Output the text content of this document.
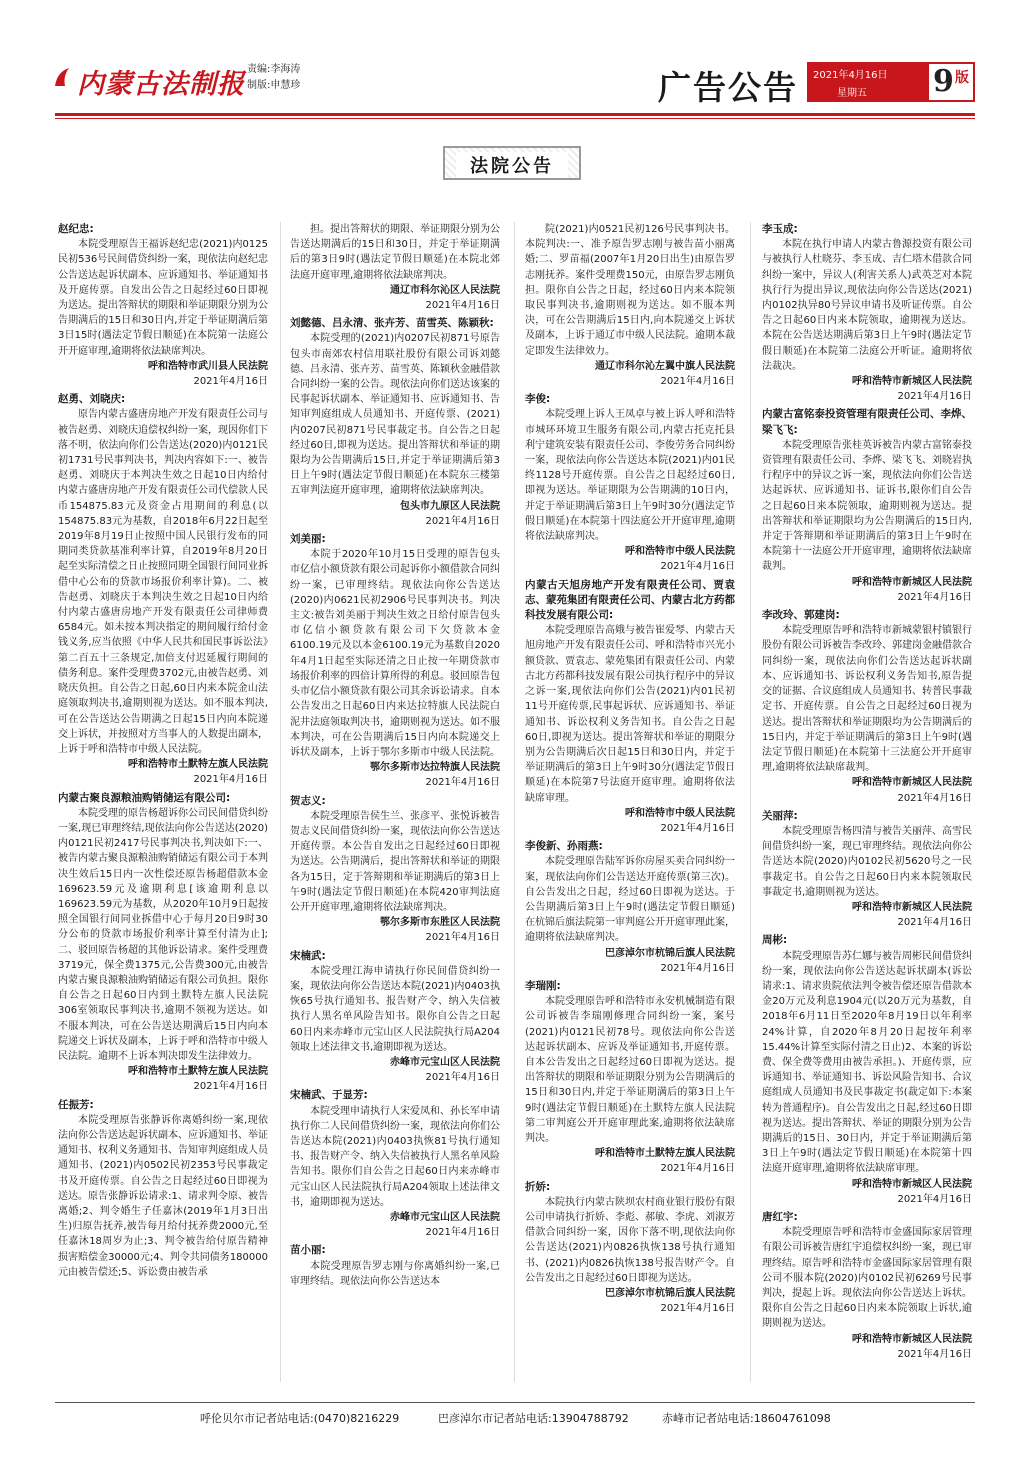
内蒙古法制报 责编:李海涛
制版:申慧珍	广告公告 2021年4月16日
星期五 9 版
法院公告
赵纪忠:

本院受理原告王福诉赵纪忠(2021)内0125民初536号民间借贷纠纷一案，现依法向赵纪忠公告送达起诉状副本、应诉通知书、举证通知书及开庭传票。自发出公告之日起经过60日即视为送达。提出答辩状的期限和举证期限分别为公告期满后的15日和30日内,并定于举证期满后第3日15时(遇法定节假日顺延)在本院第一法庭公开开庭审理,逾期将依法缺席判决。

呼和浩特市武川县人民法院
2021年4月16日
赵勇、刘晓庆:

原告内蒙古盛唐房地产开发有限责任公司与被告赵勇、刘晓庆追偿权纠纷一案，现因你们下落不明，依法向你们公告送达(2020)内0121民初1731号民事判决书，判决内容如下:一、被告赵勇、刘晓庆于本判决生效之日起10日内给付内蒙古盛唐房地产开发有限责任公司代偿款人民币154875.83元及资金占用期间的利息(以154875.83元为基数，自2018年6月22日起至2019年8月19日止按照中国人民银行发布的同期同类贷款基准利率计算，自2019年8月20日起至实际清偿之日止按照同期全国银行间同业拆借中心公布的贷款市场报价利率计算)。二、被告赵勇、刘晓庆于本判决生效之日起10日内给付内蒙古盛唐房地产开发有限责任公司律师费6584元。如未按本判决指定的期间履行给付金钱义务,应当依照《中华人民共和国民事诉讼法》第二百五十三条规定,加倍支付迟延履行期间的债务利息。案件受理费3702元,由被告赵勇、刘晓庆负担。自公告之日起,60日内来本院金山法庭领取判决书,逾期则视为送达。如不服本判决,可在公告送达公告期满之日起15日内向本院递交上诉状，并按照对方当事人的人数提出副本，上诉于呼和浩特市中级人民法院。

呼和浩特市土默特左旗人民法院
2021年4月16日
内蒙古聚良源粮油购销储运有限公司:

本院受理的原告杨超诉你公司民间借贷纠纷一案,现已审理终结,现依法向你公告送达(2020)内0121民初2417号民事判决书,判决如下:一、被告内蒙古聚良源粮油购销储运有限公司于本判决生效后15日内一次性偿还原告杨超借款本金169623.59元及逾期利息[该逾期利息以169623.59元为基数，从2020年10月9日起按照全国银行间同业拆借中心于每月20日9时30分公布的贷款市场报价利率计算至付清为止];二、驳回原告杨超的其他诉讼请求。案件受理费3719元，保全费1375元,公告费300元,由被告内蒙古聚良源粮油购销储运有限公司负担。限你自公告之日起60日内到土默特左旗人民法院306室领取民事判决书,逾期不领视为送达。如不服本判决，可在公告送达期满后15日内向本院递交上诉状及副本，上诉于呼和浩特市中级人民法院。逾期不上诉本判决即发生法律效力。

呼和浩特市土默特左旗人民法院
2021年4月16日
任振芳:

本院受理原告张静诉你离婚纠纷一案,现依法向你公告送达起诉状副本、应诉通知书、举证通知书、权利义务通知书、告知审判庭组成人员通知书、(2021)内0502民初2353号民事裁定书及开庭传票。自公告之日起经过60日即视为送达。原告张静诉讼请求:1、请求判令原、被告离婚;2、判令婚生子任嘉沐(2019年1月3日出生)归原告抚养,被告每月给付抚养费2000元,至任嘉沐18周岁为止;3、判令被告给付原告精神损害赔偿金30000元;4、判令共同债务180000元由被告偿还;5、诉讼费由被告承

担。提出答辩状的期限、举证期限分别为公告送达期满后的15日和30日，并定于举证期满后的第3日9时(遇法定节假日顺延)在本院北郊法庭开庭审理,逾期将依法缺席判决。

通辽市科尔沁区人民法院
2021年4月16日
刘懿德、吕永清、张卉芳、苗雪英、陈颖秋:

本院受理的(2021)内0207民初871号原告包头市南郊农村信用联社股份有限公司诉刘懿德、吕永清、张卉芳、苗雪英、陈颖秋金融借款合同纠纷一案的公告。现依法向你们送达该案的民事起诉状副本、举证通知书、应诉通知书、告知审判庭组成人员通知书、开庭传票、(2021)内0207民初871号民事裁定书。自公告之日起经过60日,即视为送达。提出答辩状和举证的期限均为公告期满后15日,并定于举证期满后第3日上午9时(遇法定节假日顺延)在本院东三楼第五审判法庭开庭审理，逾期将依法缺席判决。

包头市九原区人民法院
2021年4月16日
刘美丽:

本院于2020年10月15日受理的原告包头市亿信小额贷款有限公司起诉你小额借款合同纠纷一案，已审理终结。现依法向你公告送达(2020)内0621民初2906号民事判决书。判决主文:被告刘美丽于判决生效之日给付原告包头市亿信小额贷款有限公司下欠贷款本金6100.19元及以本金6100.19元为基数自2020年4月1日起至实际还清之日止按一年期贷款市场报价利率的四倍计算所得的利息。驳回原告包头市亿信小额贷款有限公司其余诉讼请求。自本公告发出之日起60日内来达拉特旗人民法院白泥井法庭领取判决书，逾期则视为送达。如不服本判决，可在公告期满后15日内向本院递交上诉状及副本，上诉于鄂尔多斯市中级人民法院。

鄂尔多斯市达拉特旗人民法院
2021年4月16日
贺志义:

本院受理原告侯生兰、张彦平、张悦诉被告贺志义民间借贷纠纷一案，现依法向你公告送达开庭传票。本公告自发出之日起经过60日即视为送达。公告期满后，提出答辩状和举证的期限各为15日，定于答辩期和举证期满后的第3日上午9时(遇法定节假日顺延)在本院420审判法庭公开开庭审理,逾期将依法缺席判决。

鄂尔多斯市东胜区人民法院
2021年4月16日
宋楠武:

本院受理江海申请执行你民间借贷纠纷一案，现依法向你公告送达本院(2021)内0403执恢65号执行通知书、报告财产令、纳入失信被执行人黑名单风险告知书。限你自公告之日起60日内来赤峰市元宝山区人民法院执行局A204领取上述法律文书,逾期即视为送达。

赤峰市元宝山区人民法院
2021年4月16日
宋楠武、于显芳:

本院受理申请执行人宋爱凤和、孙长军申请执行你二人民间借贷纠纷一案，现依法向你们公告送达本院(2021)内0403执恢81号执行通知书、报告财产令、纳入失信被执行人黑名单风险告知书。限你们自公告之日起60日内来赤峰市元宝山区人民法院执行局A204领取上述法律文书，逾期即视为送达。

赤峰市元宝山区人民法院
2021年4月16日
苗小丽:

本院受理原告罗志刚与你离婚纠纷一案,已审理终结。现依法向你公告送达本

院(2021)内0521民初126号民事判决书。本院判决:一、准予原告罗志刚与被告苗小丽离婚;二、罗苗福(2007年1月20日出生)由原告罗志刚抚养。案件受理费150元，由原告罗志刚负担。限你自公告之日起，经过60日内来本院领取民事判决书,逾期则视为送达。如不服本判决，可在公告期满后15日内,向本院递交上诉状及副本，上诉于通辽市中级人民法院。逾期本裁定即发生法律效力。

通辽市科尔沁左翼中旗人民法院
2021年4月16日
李俊:

本院受理上诉人王凤卓与被上诉人呼和浩特市城环环境卫生服务有限公司,内蒙古托克托县利宁建筑安装有限责任公司、李俊劳务合同纠纷一案，现依法向你公告送达本院(2021)内01民终1128号开庭传票。自公告之日起经过60日,即视为送达。举证期限为公告期满的10日内，并定于举证期满后第3日上午9时30分(遇法定节假日顺延)在本院第十四法庭公开开庭审理,逾期将依法缺席判决。

呼和浩特市中级人民法院
2021年4月16日
内蒙古天旭房地产开发有限责任公司、贾袁志、蒙苑集团有限责任公司、内蒙古北方药都科技发展有限公司:

本院受理原告高娥与被告崔爱琴、内蒙古天旭房地产开发有限责任公司、呼和浩特市兴光小额贷款、贾袁志、蒙苑集团有限责任公司、内蒙古北方药都科技发展有限公司执行程序中的异议之诉一案,现依法向你们公告(2021)内01民初11号开庭传票,民事起诉状、应诉通知书、举证通知书、诉讼权利义务告知书。自公告之日起60日,即视为送达。提出答辩状和举证的期限分别为公告期满后次日起15日和30日内，并定于举证期满后的第3日上午9时30分(遇法定节假日顺延)在本院第7号法庭开庭审理。逾期将依法缺席审理。

呼和浩特市中级人民法院
2021年4月16日
李俊新、孙雨燕:

本院受理原告陆军诉你房屋买卖合同纠纷一案，现依法向你们公告送达开庭传票(第三次)。自公告发出之日起，经过60日即视为送达。于公告期满后第3日上午9时(遇法定节假日顺延)在杭锦后旗法院第一审判庭公开开庭审理此案，逾期将依法缺席判决。

巴彦淖尔市杭锦后旗人民法院
2021年4月16日
李瑞刚:

本院受理原告呼和浩特市永安机械制造有限公司诉被告李瑞刚修理合同纠纷一案，案号(2021)内0121民初78号。现依法向你公告送达起诉状副本、应诉及举证通知书,开庭传票。自本公告发出之日起经过60日即视为送达。提出答辩状的期限和举证期限分别为公告期满后的15日和30日内,并定于举证期满后的第3日上午9时(遇法定节假日顺延)在土默特左旗人民法院第二审判庭公开开庭审理此案,逾期将依法缺席判决。

呼和浩特市土默特左旗人民法院
2021年4月16日
折娇:

本院执行内蒙古陕坝农村商业银行股份有限公司申请执行折娇、李彪、郝敏、李虎、刘淑芳借款合同纠纷一案，因你下落不明,现依法向你公告送达(2021)内0826执恢138号执行通知书、(2021)内0826执恢138号报告财产令。自公告发出之日起经过60日即视为送达。

巴彦淖尔市杭锦后旗人民法院
2021年4月16日
李玉成:

本院在执行申请人内蒙古鲁源投资有限公司与被执行人杜晓芬、李玉成、吉仁塔木借款合同纠纷一案中，异议人(利害关系人)武英芝对本院执行行为提出异议,现依法向你公告送达(2021)内0102执异80号异议申请书及听证传票。自公告之日起60日内来本院领取，逾期视为送达。本院在公告送达期满后第3日上午9时(遇法定节假日顺延)在本院第二法庭公开听证。逾期将依法裁决。

呼和浩特市新城区人民法院
2021年4月16日
内蒙古富铭泰投资管理有限责任公司、李烨、梁飞飞:

本院受理原告张桂英诉被告内蒙古富铭泰投资管理有限责任公司、李烨、梁飞飞、刘晓岩执行程序中的异议之诉一案，现依法向你们公告送达起诉状、应诉通知书、证诉书,限你们自公告之日起60日来本院领取，逾期则视为送达。提出答辩状和举证期限均为公告期满后的15日内,并定于答辩期和举证期满后的第3日上午9时在本院第十一法庭公开开庭审理，逾期将依法缺席裁判。

呼和浩特市新城区人民法院
2021年4月16日
李改玲、郭建岗:

本院受理原告呼和浩特市新城蒙银村镇银行股份有限公司诉被告李改玲、郭建岗金融借款合同纠纷一案，现依法向你们公告送达起诉状副本、应诉通知书、诉讼权利义务告知书,原告提交的证据、合议庭组成人员通知书、转普民事裁定书、开庭传票。自公告之日起经过60日视为送达。提出答辩状和举证期限均为公告期满后的15日内，并定于举证期满后的第3日上午9时(遇法定节假日顺延)在本院第十三法庭公开开庭审理,逾期将依法缺席裁判。

呼和浩特市新城区人民法院
2021年4月16日
关丽萍:

本院受理原告杨四清与被告关丽萍、高雪民间借贷纠纷一案，现已审理终结。现依法向你公告送达本院(2020)内0102民初5620号之一民事裁定书。自公告之日起60日内来本院领取民事裁定书,逾期则视为送达。

呼和浩特市新城区人民法院
2021年4月16日
周彬:

本院受理原告苏仁娜与被告周彬民间借贷纠纷一案，现依法向你公告送达起诉状副本(诉讼请求:1、请求贵院依法判令被告偿还原告借款本金20万元及利息1904元(以20万元为基数，自2018年6月11日至2020年8月19日以年利率24%计算，自2020年8月20日起按年利率15.44%计算至实际付清之日止)2、本案的诉讼费、保全费等费用由被告承担。)、开庭传票，应诉通知书、举证通知书、诉讼风险告知书、合议庭组成人员通知书及民事裁定书(裁定如下:本案转为普通程序)。自公告发出之日起,经过60日即视为送达。提出答辩状、举证的期限分别为公告期满后的15日、30日内，并定于举证期满后第3日上午9时(遇法定节假日顺延)在本院第十四法庭开庭审理,逾期将依法缺席审理。

呼和浩特市新城区人民法院
2021年4月16日
唐红宇:

本院受理原告呼和浩特市金盛国际家居管理有限公司诉被告唐红宇追偿权纠纷一案，现已审理终结。原告呼和浩特市金盛国际家居管理有限公司不服本院(2020)内0102民初6269号民事判决，提起上诉。现依法向你公告送达上诉状。限你自公告之日起60日内来本院领取上诉状,逾期则视为送达。

呼和浩特市新城区人民法院
2021年4月16日
呼伦贝尔市记者站电话:(0470)8216229	巴彦淖尔市记者站电话:13904788792	赤峰市记者站电话:18604761098
